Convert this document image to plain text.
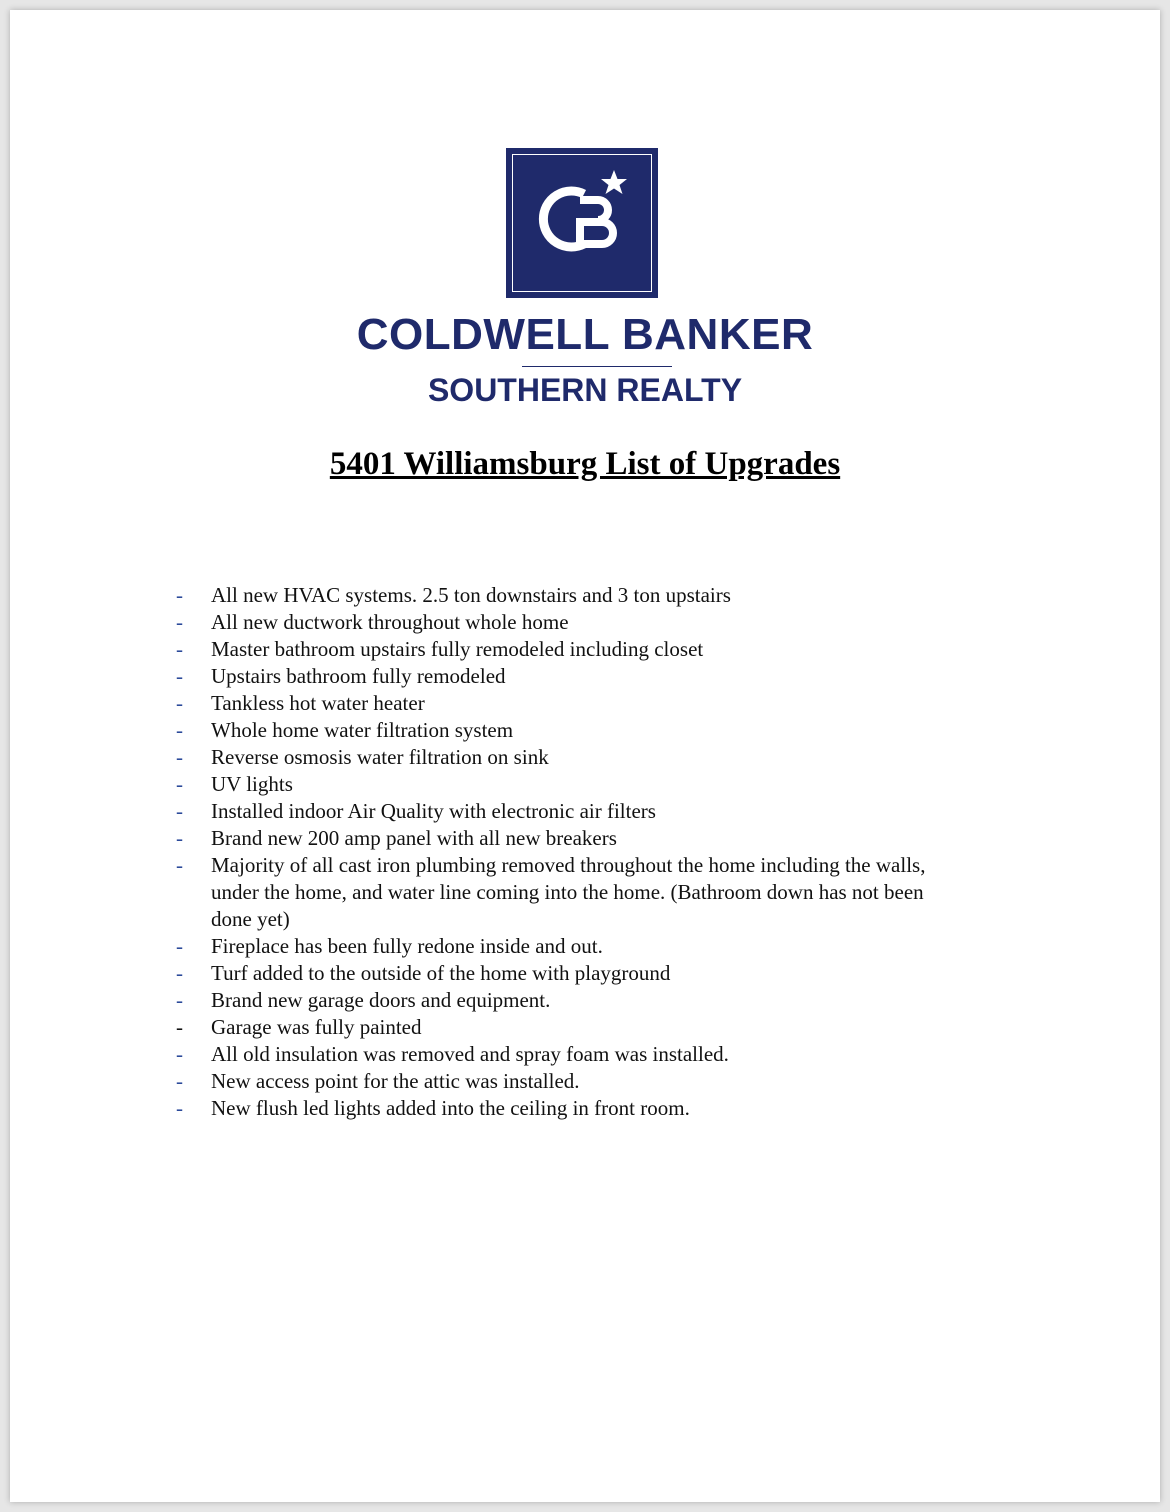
COLDWELL BANKER
SOUTHERN REALTY
5401 Williamsburg List of Upgrades
- All new HVAC systems. 2.5 ton downstairs and 3 ton upstairs
- All new ductwork throughout whole home
- Master bathroom upstairs fully remodeled including closet
- Upstairs bathroom fully remodeled
- Tankless hot water heater
- Whole home water filtration system
- Reverse osmosis water filtration on sink
- UV lights
- Installed indoor Air Quality with electronic air filters
- Brand new 200 amp panel with all new breakers
- Majority of all cast iron plumbing removed throughout the home including the walls, under the home, and water line coming into the home. (Bathroom down has not been done yet)
- Fireplace has been fully redone inside and out.
- Turf added to the outside of the home with playground
- Brand new garage doors and equipment.
- Garage was fully painted
- All old insulation was removed and spray foam was installed.
- New access point for the attic was installed.
- New flush led lights added into the ceiling in front room.
